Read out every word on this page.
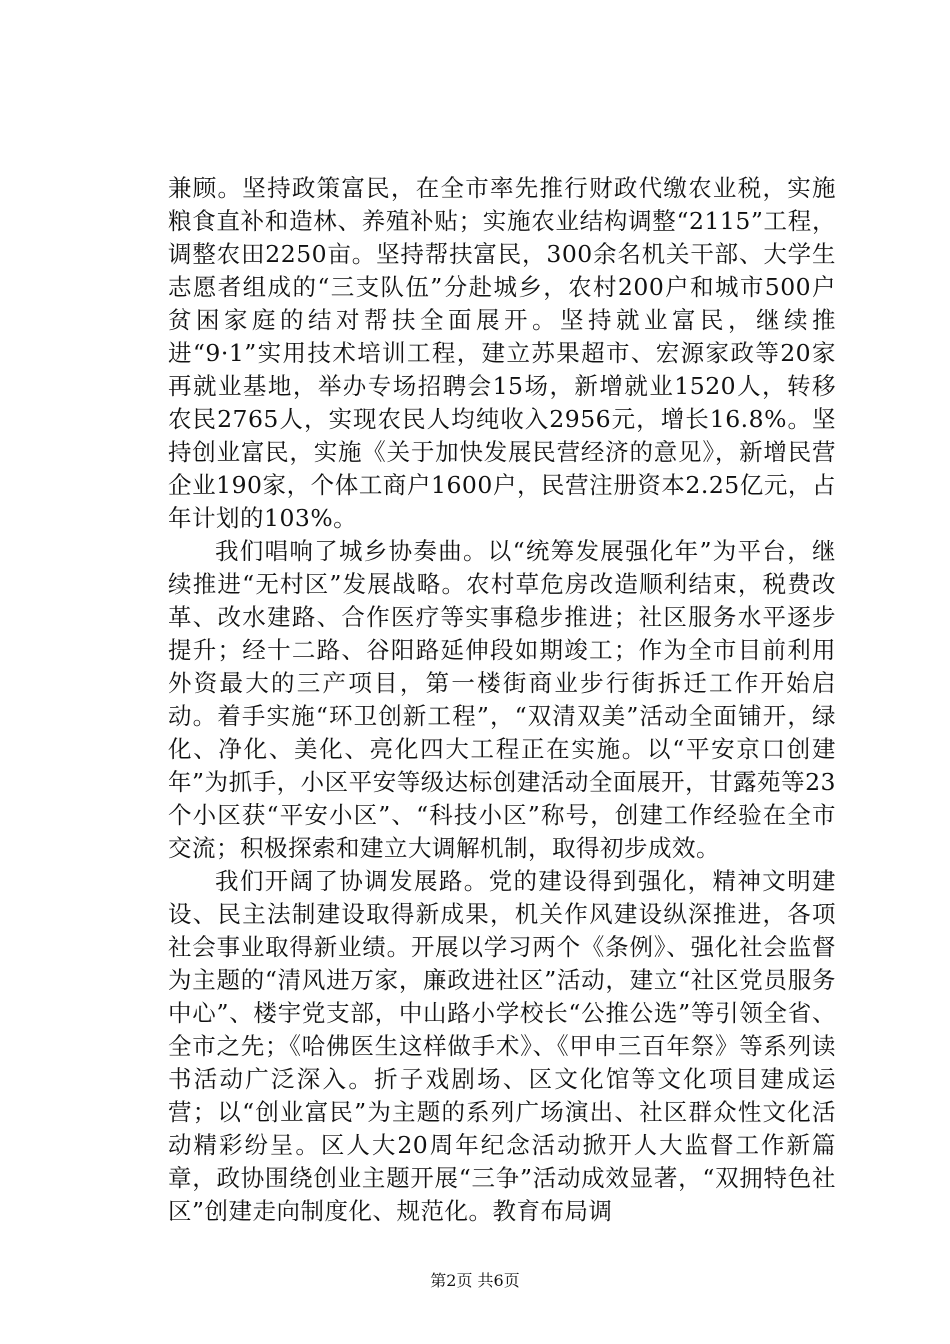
兼顾。坚持政策富民，在全市率先推行财政代缴农业税，实施粮食直补和造林、养殖补贴；实施农业结构调整“2115”工程，调整农田2250亩。坚持帮扶富民，300余名机关干部、大学生志愿者组成的“三支队伍”分赴城乡，农村200户和城市500户贫困家庭的结对帮扶全面展开。坚持就业富民，继续推进“9·1”实用技术培训工程，建立苏果超市、宏源家政等20家再就业基地，举办专场招聘会15场，新增就业1520人，转移农民2765人，实现农民人均纯收入2956元，增长16.8%。坚持创业富民，实施《关于加快发展民营经济的意见》，新增民营企业190家，个体工商户1600户，民营注册资本2.25亿元，占年计划的103%。

我们唱响了城乡协奏曲。以“统筹发展强化年”为平台，继续推进“无村区”发展战略。农村草危房改造顺利结束，税费改革、改水建路、合作医疗等实事稳步推进；社区服务水平逐步提升；经十二路、谷阳路延伸段如期竣工；作为全市目前利用外资最大的三产项目，第一楼街商业步行街拆迁工作开始启动。着手实施“环卫创新工程”，“双清双美”活动全面铺开，绿化、净化、美化、亮化四大工程正在实施。以“平安京口创建年”为抓手，小区平安等级达标创建活动全面展开，甘露苑等23个小区获“平安小区”、“科技小区”称号，创建工作经验在全市交流；积极探索和建立大调解机制，取得初步成效。

我们开阔了协调发展路。党的建设得到强化，精神文明建设、民主法制建设取得新成果，机关作风建设纵深推进，各项社会事业取得新业绩。开展以学习两个《条例》、强化社会监督为主题的“清风进万家，廉政进社区”活动，建立“社区党员服务中心”、楼宇党支部，中山路小学校长“公推公选”等引领全省、全市之先；《哈佛医生这样做手术》、《甲申三百年祭》等系列读书活动广泛深入。折子戏剧场、区文化馆等文化项目建成运营；以“创业富民”为主题的系列广场演出、社区群众性文化活动精彩纷呈。区人大20周年纪念活动掀开人大监督工作新篇章，政协围绕创业主题开展“三争”活动成效显著，“双拥特色社区”创建走向制度化、规范化。教育布局调

第2页 共6页
